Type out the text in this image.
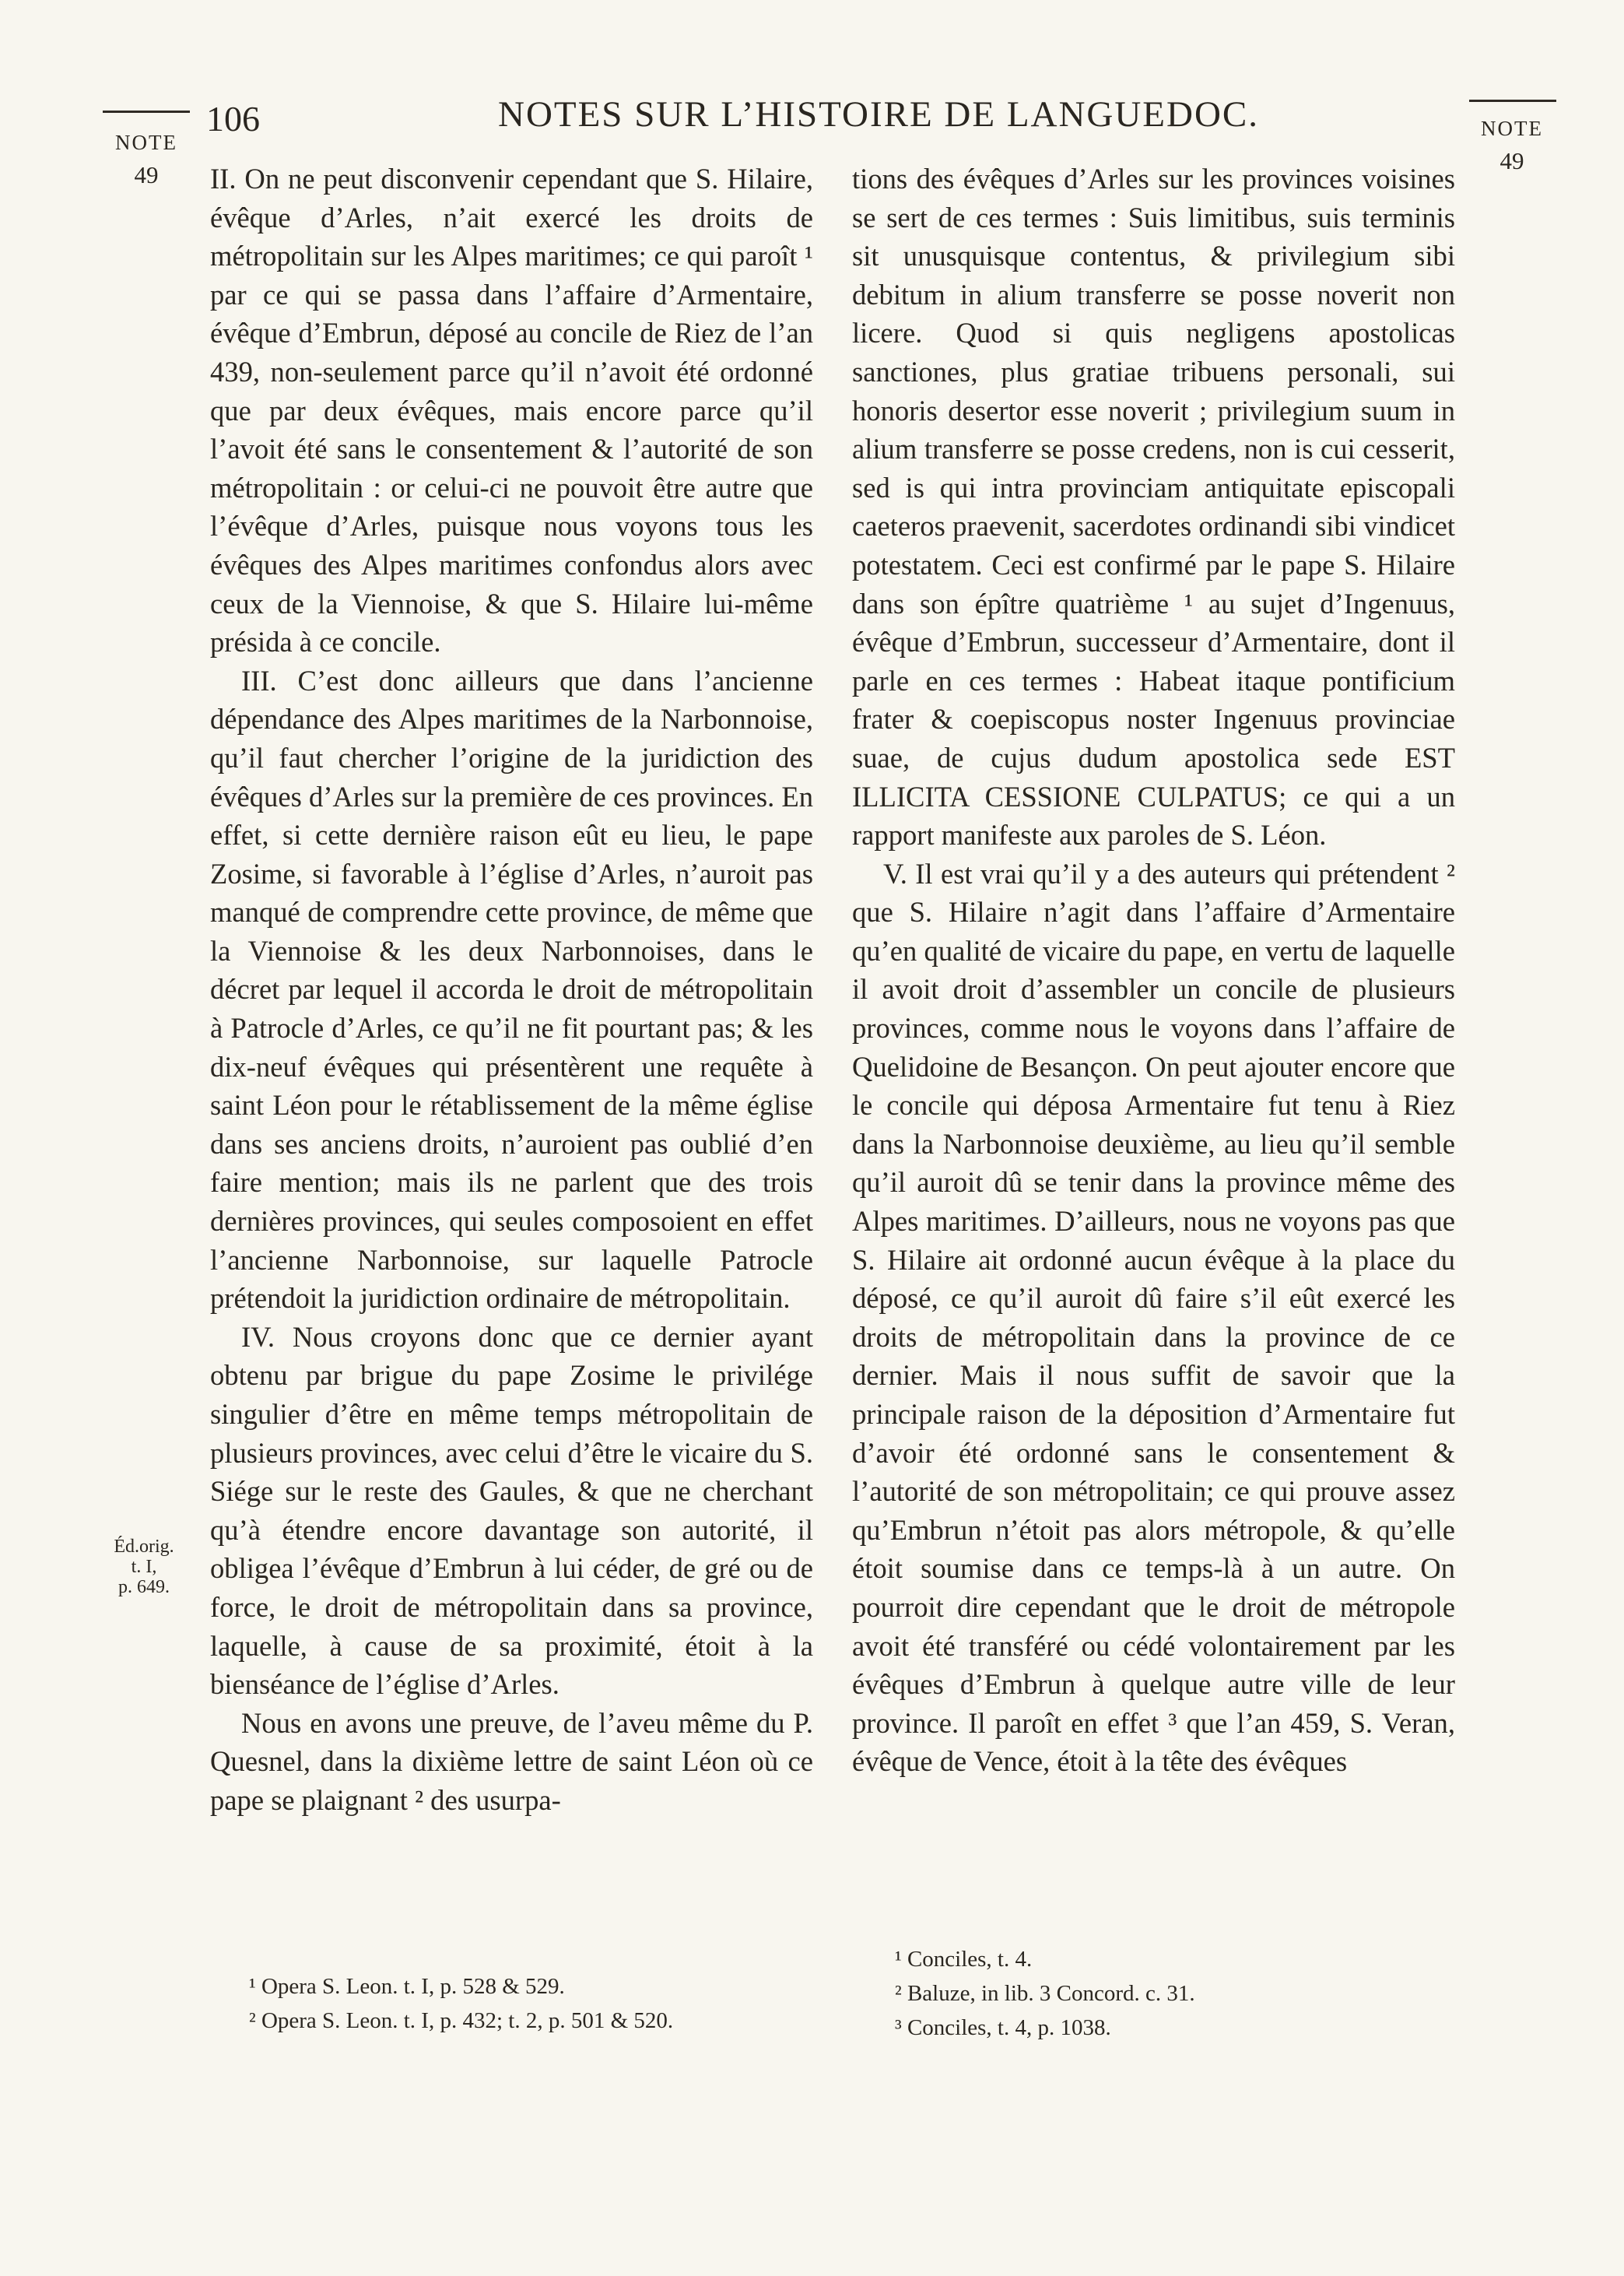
NOTE
49
NOTE
49
106	NOTES SUR L’HISTOIRE DE LANGUEDOC.
Éd.orig.
t. I,
p. 649.

II. On ne peut disconvenir cependant que S. Hilaire, évêque d’Arles, n’ait exercé les droits de métropolitain sur les Alpes maritimes; ce qui paroît ¹ par ce qui se passa dans l’affaire d’Armentaire, évêque d’Embrun, déposé au concile de Riez de l’an 439, non-seulement parce qu’il n’avoit été ordonné que par deux évêques, mais encore parce qu’il l’avoit été sans le consentement & l’autorité de son métropolitain : or celui-ci ne pouvoit être autre que l’évêque d’Arles, puisque nous voyons tous les évêques des Alpes maritimes confondus alors avec ceux de la Viennoise, & que S. Hilaire lui-même présida à ce concile.

III. C’est donc ailleurs que dans l’ancienne dépendance des Alpes maritimes de la Narbonnoise, qu’il faut chercher l’origine de la juridiction des évêques d’Arles sur la première de ces provinces. En effet, si cette dernière raison eût eu lieu, le pape Zosime, si favorable à l’église d’Arles, n’auroit pas manqué de comprendre cette province, de même que la Viennoise & les deux Narbonnoises, dans le décret par lequel il accorda le droit de métropolitain à Patrocle d’Arles, ce qu’il ne fit pourtant pas; & les dix-neuf évêques qui présentèrent une requête à saint Léon pour le rétablissement de la même église dans ses anciens droits, n’auroient pas oublié d’en faire mention; mais ils ne parlent que des trois dernières provinces, qui seules composoient en effet l’ancienne Narbonnoise, sur laquelle Patrocle prétendoit la juridiction ordinaire de métropolitain.

IV. Nous croyons donc que ce dernier ayant obtenu par brigue du pape Zosime le privilége singulier d’être en même temps métropolitain de plusieurs provinces, avec celui d’être le vicaire du S. Siége sur le reste des Gaules, & que ne cherchant qu’à étendre encore davantage son autorité, il obligea l’évêque d’Embrun à lui céder, de gré ou de force, le droit de métropolitain dans sa province, laquelle, à cause de sa proximité, étoit à la bienséance de l’église d’Arles.

Nous en avons une preuve, de l’aveu même du P. Quesnel, dans la dixième lettre de saint Léon où ce pape se plaignant ² des usurpa-

tions des évêques d’Arles sur les provinces voisines se sert de ces termes : Suis limitibus, suis terminis sit unusquisque contentus, & privilegium sibi debitum in alium transferre se posse noverit non licere. Quod si quis negligens apostolicas sanctiones, plus gratiae tribuens personali, sui honoris desertor esse noverit ; privilegium suum in alium transferre se posse credens, non is cui cesserit, sed is qui intra provinciam antiquitate episcopali caeteros praevenit, sacerdotes ordinandi sibi vindicet potestatem. Ceci est confirmé par le pape S. Hilaire dans son épître quatrième ¹ au sujet d’Ingenuus, évêque d’Embrun, successeur d’Armentaire, dont il parle en ces termes : Habeat itaque pontificium frater & coepiscopus noster Ingenuus provinciae suae, de cujus dudum apostolica sede EST ILLICITA CESSIONE CULPATUS; ce qui a un rapport manifeste aux paroles de S. Léon.

V. Il est vrai qu’il y a des auteurs qui prétendent ² que S. Hilaire n’agit dans l’affaire d’Armentaire qu’en qualité de vicaire du pape, en vertu de laquelle il avoit droit d’assembler un concile de plusieurs provinces, comme nous le voyons dans l’affaire de Quelidoine de Besançon. On peut ajouter encore que le concile qui déposa Armentaire fut tenu à Riez dans la Narbonnoise deuxième, au lieu qu’il semble qu’il auroit dû se tenir dans la province même des Alpes maritimes. D’ailleurs, nous ne voyons pas que S. Hilaire ait ordonné aucun évêque à la place du déposé, ce qu’il auroit dû faire s’il eût exercé les droits de métropolitain dans la province de ce dernier. Mais il nous suffit de savoir que la principale raison de la déposition d’Armentaire fut d’avoir été ordonné sans le consentement & l’autorité de son métropolitain; ce qui prouve assez qu’Embrun n’étoit pas alors métropole, & qu’elle étoit soumise dans ce temps-là à un autre. On pourroit dire cependant que le droit de métropole avoit été transféré ou cédé volontairement par les évêques d’Embrun à quelque autre ville de leur province. Il paroît en effet ³ que l’an 459, S. Veran, évêque de Vence, étoit à la tête des évêques

¹ Opera S. Leon. t. I, p. 528 & 529.
² Opera S. Leon. t. I, p. 432; t. 2, p. 501 & 520.
¹ Conciles, t. 4.
² Baluze, in lib. 3 Concord. c. 31.
³ Conciles, t. 4, p. 1038.
